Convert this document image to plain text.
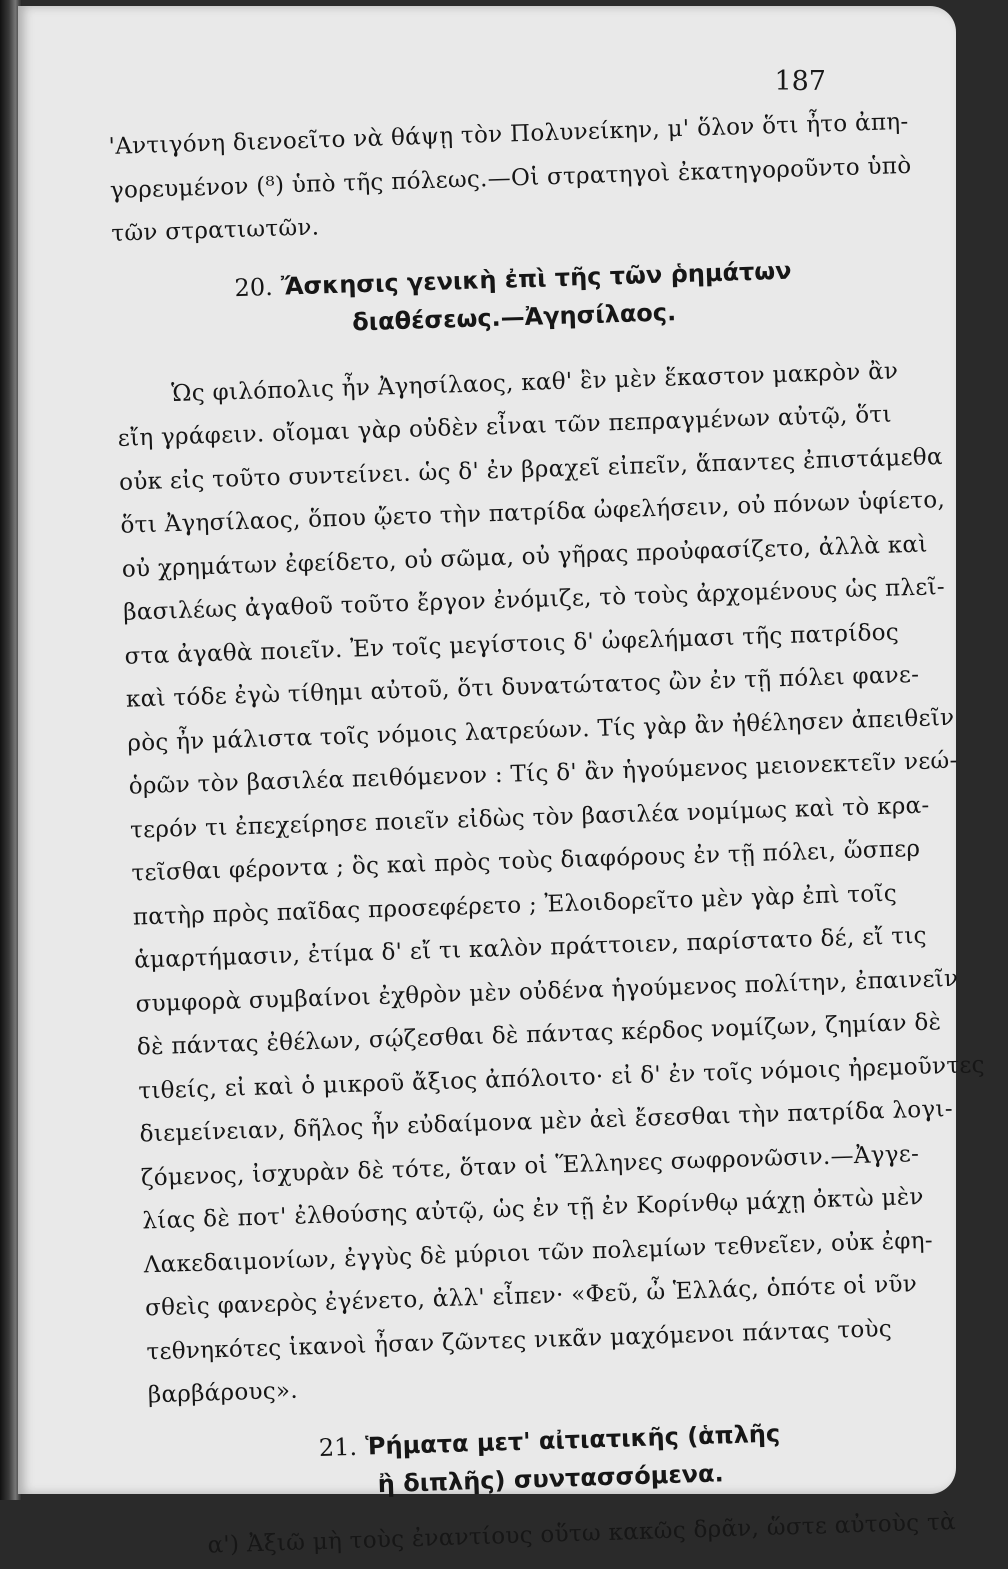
187
'Αντιγόνη διενοεῖτο νὰ θάψῃ τὸν Πολυνείκην, μ' ὅλον ὅτι ἦτο ἀπη-
γορευμένον (⁸) ὑπὸ τῆς πόλεως.—Οἱ στρατηγοὶ ἐκατηγοροῦντο ὑπὸ
τῶν στρατιωτῶν.
20. Ἄσκησις γενικὴ ἐπὶ τῆς τῶν ῥημάτων
διαθέσεως.—Ἀγησίλαος.
Ὡς φιλόπολις ἦν Ἀγησίλαος, καθ' ἓν μὲν ἕκαστον μακρὸν ἂν
εἴη γράφειν. οἴομαι γὰρ οὐδὲν εἶναι τῶν πεπραγμένων αὐτῷ, ὅτι
οὐκ εἰς τοῦτο συντείνει. ὡς δ' ἐν βραχεῖ εἰπεῖν, ἅπαντες ἐπιστάμεθα
ὅτι Ἀγησίλαος, ὅπου ᾤετο τὴν πατρίδα ὠφελήσειν, οὐ πόνων ὑφίετο,
οὐ χρημάτων ἐφείδετο, οὐ σῶμα, οὐ γῆρας προὐφασίζετο, ἀλλὰ καὶ
βασιλέως ἀγαθοῦ τοῦτο ἔργον ἐνόμιζε, τὸ τοὺς ἀρχομένους ὡς πλεῖ-
στα ἀγαθὰ ποιεῖν. Ἐν τοῖς μεγίστοις δ' ὠφελήμασι τῆς πατρίδος
καὶ τόδε ἐγὼ τίθημι αὐτοῦ, ὅτι δυνατώτατος ὢν ἐν τῇ πόλει φανε-
ρὸς ἦν μάλιστα τοῖς νόμοις λατρεύων. Τίς γὰρ ἂν ἠθέλησεν ἀπειθεῖν
ὁρῶν τὸν βασιλέα πειθόμενον : Τίς δ' ἂν ἡγούμενος μειονεκτεῖν νεώ-
τερόν τι ἐπεχείρησε ποιεῖν εἰδὼς τὸν βασιλέα νομίμως καὶ τὸ κρα-
τεῖσθαι φέροντα ; ὃς καὶ πρὸς τοὺς διαφόρους ἐν τῇ πόλει, ὥσπερ
πατὴρ πρὸς παῖδας προσεφέρετο ; Ἐλοιδορεῖτο μὲν γὰρ ἐπὶ τοῖς
ἁμαρτήμασιν, ἐτίμα δ' εἴ τι καλὸν πράττοιεν, παρίστατο δέ, εἴ τις
συμφορὰ συμβαίνοι ἐχθρὸν μὲν οὐδένα ἡγούμενος πολίτην, ἐπαινεῖν
δὲ πάντας ἐθέλων, σῴζεσθαι δὲ πάντας κέρδος νομίζων, ζημίαν δὲ
τιθείς, εἰ καὶ ὁ μικροῦ ἄξιος ἀπόλοιτο· εἰ δ' ἐν τοῖς νόμοις ἠρεμοῦντες
διεμείνειαν, δῆλος ἦν εὐδαίμονα μὲν ἀεὶ ἔσεσθαι τὴν πατρίδα λογι-
ζόμενος, ἰσχυρὰν δὲ τότε, ὅταν οἱ Ἕλληνες σωφρονῶσιν.—Ἀγγε-
λίας δὲ ποτ' ἐλθούσης αὐτῷ, ὡς ἐν τῇ ἐν Κορίνθῳ μάχῃ ὀκτὼ μὲν
Λακεδαιμονίων, ἐγγὺς δὲ μύριοι τῶν πολεμίων τεθνεῖεν, οὐκ ἐφη-
σθεὶς φανερὸς ἐγένετο, ἀλλ' εἶπεν· «Φεῦ, ὦ Ἑλλάς, ὁπότε οἱ νῦν
τεθνηκότες ἱκανοὶ ἦσαν ζῶντες νικᾶν μαχόμενοι πάντας τοὺς
βαρβάρους».
21. Ῥήματα μετ' αἰτιατικῆς (ἁπλῆς
ἢ διπλῆς) συντασσόμενα.
α') Ἀξιῶ μὴ τοὺς ἐναντίους οὕτω κακῶς δρᾶν, ὥστε αὐτοὺς τὰ
